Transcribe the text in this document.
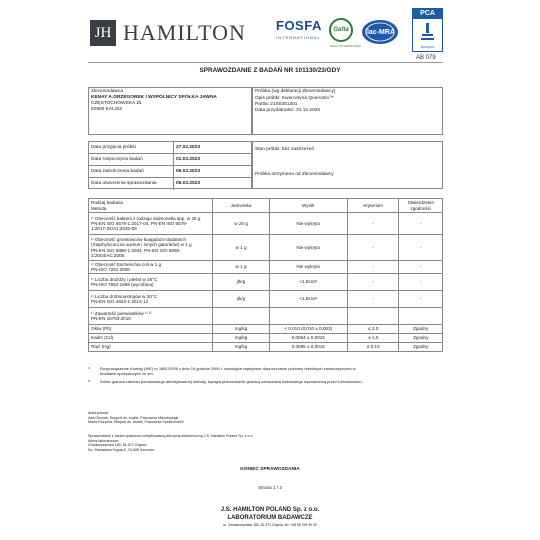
JH HAMILTON FOSFA
INTERNATIONAL
Gafta
ANALYST APPROVED
ilac-MRA
PCA
BADANIA
AB 079
SPRAWOZDANIE Z BADAŃ NR 101130/23/GDY
Zleceniodawca
KENAY A.GRZEGOREK I WSPÓLNICY SPÓŁKA JAWNA
CZĘSTOCHOWSKA 25
62800 KALISZ
Próbka (wg deklaracji Zleceniodawcy)
Opis próbki: Kwercetyna Quercetin™
Partia: 21S0301301
Data przydatności: 31.12.2025
Data przyjęcia próbki	27.02.2023
Data rozpoczęcia badań	01.03.2023
Data zakończenia badań	06.03.2023
Data utworzenia sprawozdania	06.03.2023
Stan próbki: bez zastrzeżeń
Próbka otrzymana od Zleceniodawcy
Rodzaj badania
Metoda	Jednostka	Wynik	Kryterium	Stwierdzenie
zgodności
¹⁾ Obecność bakterii z rodzaju Salmonella spp. w 25 g
PN-EN ISO 6579-1:2017-04, PN-EN ISO 6579-
1:2017-04/A1:2020-09	w 25 g	Nie wykryto	-	-
¹⁾ Obecność gronkowców koagulazo-dodatnich
(Staphylococcus aureus i innych gatunków) w 1 g
PN-EN ISO 6888-1:2004, PN-EN ISO 6888-
3:2004/AC:2005	w 1 g	Nie wykryto	-	-
¹⁾ Obecność Escherichia coli w 1 g
PN-ISO 7251:2006	w 1 g	Nie wykryto	-	-
¹⁾ Liczba drożdży i pleśni w 25°C
PN-ISO 7954:1999 (wycofana)	jtk/g	<1,0x10¹	-	-
¹⁾ Liczba drobnoustrojów w 30°C
PN-EN ISO 4833-1:2013-12	jtk/g	<1,0x10¹	-	-
¹⁾ Zawartość pierwiastków ¹⁾ ²⁾
PN-EN 15763:2010				
Ołów (Pb)	mg/kg	< 0,010 (0,010 ± 0,003)	≤ 3,0	Zgodny
Kadm (Cd)	mg/kg	0,0064 ± 0,0015	≤ 1,0	Zgodny
Rtęć (Hg)	mg/kg	0,0085 ± 0,0015	≤ 0,10	Zgodny
¹⁾ Rozporządzenie Komisji (WE) nr 1881/2006 z dnia 19 grudnia 2006 r. ustalające najwyższe dopuszczalne poziomy niektórych zanieczyszczeń w
środkach spożywczych ze zm.
²⁾ Dolna granica zakresu pomiarowego akredytowanej metody, będąca jednocześnie granicą oznaczania ilościowego wyznaczoną przez Laboratorium.
Autoryzował:
Ada Okunek, Ekspert ds. Analiz, Pracownia Mikrobiologii
Marta Różycka, Ekspert ds. Analiz, Pracownia Spektrometrii
Sprawozdanie z badań opatrzono certyfikowaną pieczęcią elektroniczną J.S. Hamilton Poland Sp. z o.o.
Adres laboratorium:
Chwaszczyńska 180, 81-571 Gdynia
Ks. Stanisława Kujota 8, 70-685 Szczecin
KONIEC SPRAWOZDANIA
Strona 1 / 2
J.S. HAMILTON POLAND Sp. z o.o.
LABORATORIUM BADAWCZE
ul. Chwaszczyńska 180, 81-571 Gdynia, tel. +48 58 769 59 00
